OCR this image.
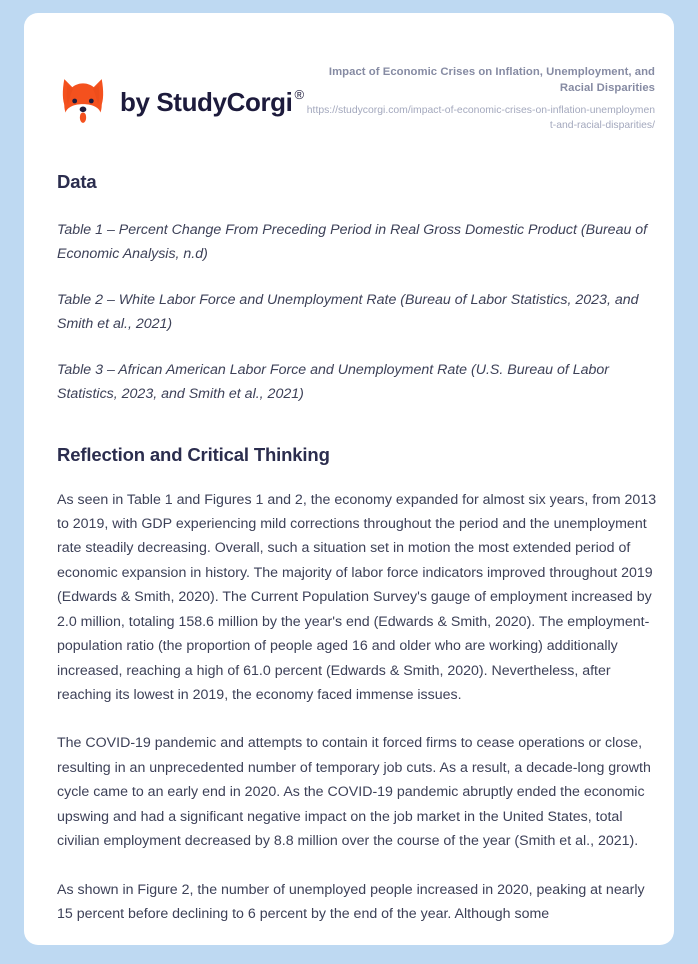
by StudyCorgi ®
Impact of Economic Crises on Inflation, Unemployment, and Racial Disparities
https://studycorgi.com/impact-of-economic-crises-on-inflation-unemployment-and-racial-disparities/
Data

Table 1 – Percent Change From Preceding Period in Real Gross Domestic Product (Bureau of Economic Analysis, n.d)

Table 2 – White Labor Force and Unemployment Rate (Bureau of Labor Statistics, 2023, and Smith et al., 2021)

Table 3 – African American Labor Force and Unemployment Rate (U.S. Bureau of Labor Statistics, 2023, and Smith et al., 2021)

Reflection and Critical Thinking

As seen in Table 1 and Figures 1 and 2, the economy expanded for almost six years, from 2013 to 2019, with GDP experiencing mild corrections throughout the period and the unemployment rate steadily decreasing. Overall, such a situation set in motion the most extended period of economic expansion in history. The majority of labor force indicators improved throughout 2019 (Edwards & Smith, 2020). The Current Population Survey's gauge of employment increased by 2.0 million, totaling 158.6 million by the year's end (Edwards & Smith, 2020). The employment-population ratio (the proportion of people aged 16 and older who are working) additionally increased, reaching a high of 61.0 percent (Edwards & Smith, 2020). Nevertheless, after reaching its lowest in 2019, the economy faced immense issues.

The COVID-19 pandemic and attempts to contain it forced firms to cease operations or close, resulting in an unprecedented number of temporary job cuts. As a result, a decade-long growth cycle came to an early end in 2020. As the COVID-19 pandemic abruptly ended the economic upswing and had a significant negative impact on the job market in the United States, total civilian employment decreased by 8.8 million over the course of the year (Smith et al., 2021).

As shown in Figure 2, the number of unemployed people increased in 2020, peaking at nearly 15 percent before declining to 6 percent by the end of the year. Although some
